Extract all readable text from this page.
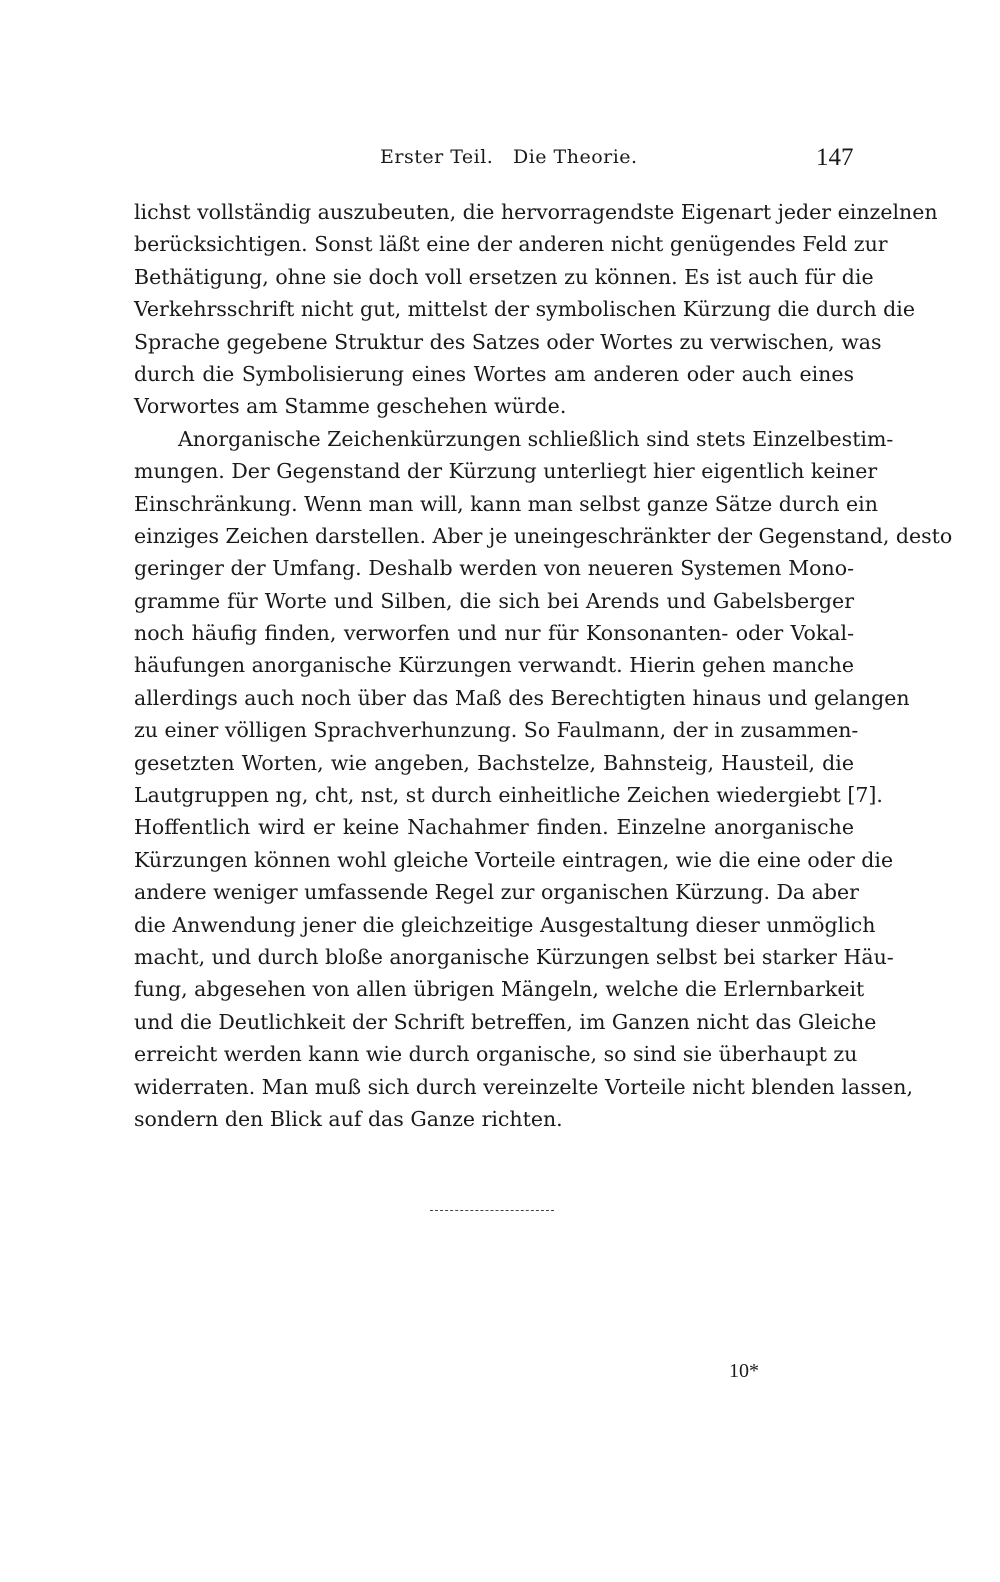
Erster Teil.   Die Theorie.	147
lichst vollständig auszubeuten, die hervorragendste Eigenart jeder einzelnen
berücksichtigen. Sonst läßt eine der anderen nicht genügendes Feld zur
Bethätigung, ohne sie doch voll ersetzen zu können. Es ist auch für die
Verkehrsschrift nicht gut, mittelst der symbolischen Kürzung die durch die
Sprache gegebene Struktur des Satzes oder Wortes zu verwischen, was
durch die Symbolisierung eines Wortes am anderen oder auch eines
Vorwortes am Stamme geschehen würde.
Anorganische Zeichenkürzungen schließlich sind stets Einzelbestim-
mungen. Der Gegenstand der Kürzung unterliegt hier eigentlich keiner
Einschränkung. Wenn man will, kann man selbst ganze Sätze durch ein
einziges Zeichen darstellen. Aber je uneingeschränkter der Gegenstand, desto
geringer der Umfang. Deshalb werden von neueren Systemen Mono-
gramme für Worte und Silben, die sich bei Arends und Gabelsberger
noch häufig finden, verworfen und nur für Konsonanten- oder Vokal-
häufungen anorganische Kürzungen verwandt. Hierin gehen manche
allerdings auch noch über das Maß des Berechtigten hinaus und gelangen
zu einer völligen Sprachverhunzung. So Faulmann, der in zusammen-
gesetzten Worten, wie angeben, Bachstelze, Bahnsteig, Hausteil, die
Lautgruppen ng, cht, nst, st durch einheitliche Zeichen wiedergiebt [7].
Hoffentlich wird er keine Nachahmer finden. Einzelne anorganische
Kürzungen können wohl gleiche Vorteile eintragen, wie die eine oder die
andere weniger umfassende Regel zur organischen Kürzung. Da aber
die Anwendung jener die gleichzeitige Ausgestaltung dieser unmöglich
macht, und durch bloße anorganische Kürzungen selbst bei starker Häu-
fung, abgesehen von allen übrigen Mängeln, welche die Erlernbarkeit
und die Deutlichkeit der Schrift betreffen, im Ganzen nicht das Gleiche
erreicht werden kann wie durch organische, so sind sie überhaupt zu
widerraten. Man muß sich durch vereinzelte Vorteile nicht blenden lassen,
sondern den Blick auf das Ganze richten.
10*
